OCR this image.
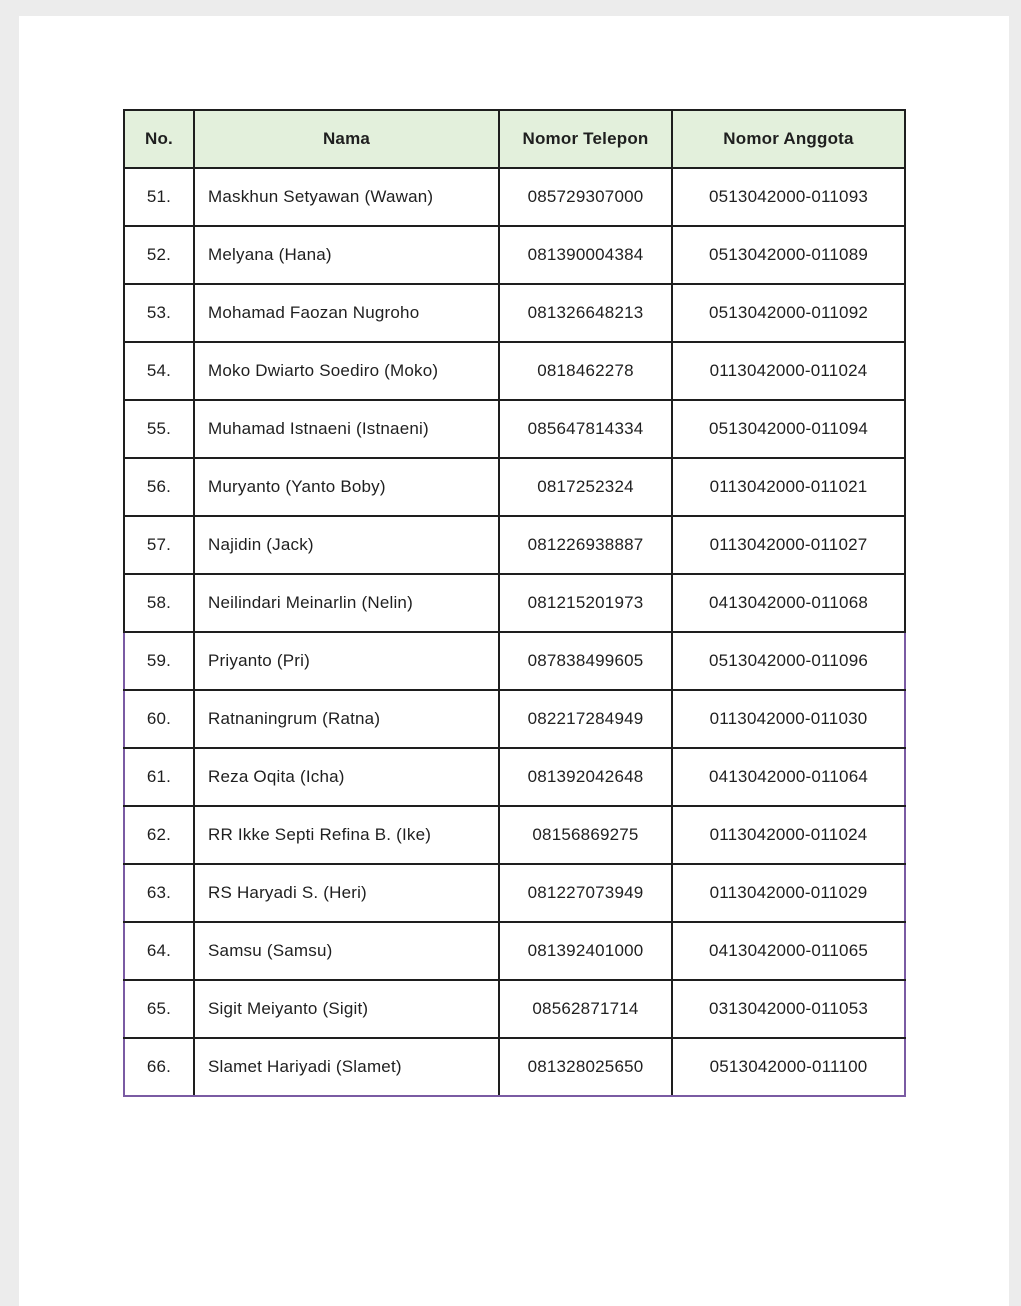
No.	Nama	Nomor Telepon	Nomor Anggota
51.	Maskhun Setyawan (Wawan)	085729307000	0513042000-011093
52.	Melyana (Hana)	081390004384	0513042000-011089
53.	Mohamad Faozan Nugroho	081326648213	0513042000-011092
54.	Moko Dwiarto Soediro (Moko)	0818462278	0113042000-011024
55.	Muhamad Istnaeni (Istnaeni)	085647814334	0513042000-011094
56.	Muryanto (Yanto Boby)	0817252324	0113042000-011021
57.	Najidin (Jack)	081226938887	0113042000-011027
58.	Neilindari Meinarlin (Nelin)	081215201973	0413042000-011068
59.	Priyanto (Pri)	087838499605	0513042000-011096
60.	Ratnaningrum (Ratna)	082217284949	0113042000-011030
61.	Reza Oqita (Icha)	081392042648	0413042000-011064
62.	RR Ikke Septi Refina B. (Ike)	08156869275	0113042000-011024
63.	RS Haryadi S. (Heri)	081227073949	0113042000-011029
64.	Samsu (Samsu)	081392401000	0413042000-011065
65.	Sigit Meiyanto (Sigit)	08562871714	0313042000-011053
66.	Slamet Hariyadi (Slamet)	081328025650	0513042000-011100
